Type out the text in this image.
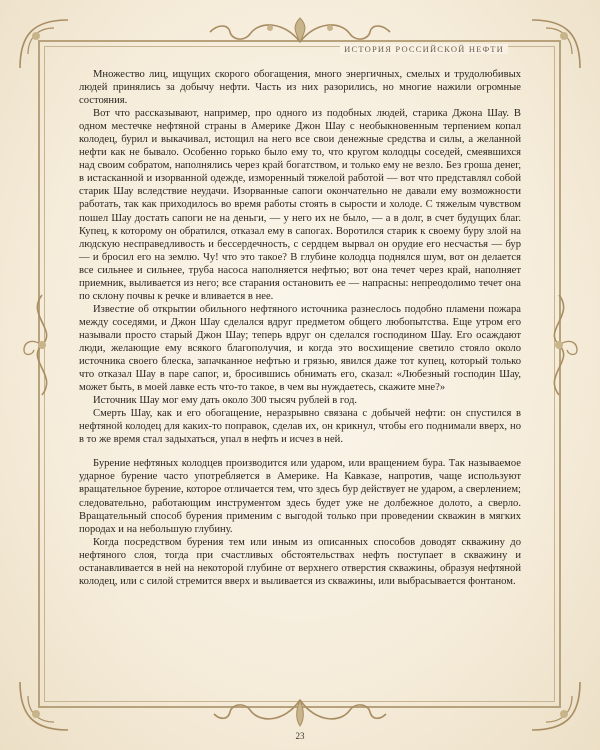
ИСТОРИЯ РОССИЙСКОЙ НЕФТИ

Множество лиц, ищущих скорого обогащения, много энергичных, смелых и трудолюбивых людей принялись за добычу нефти. Часть из них разорились, но многие нажили огромные состояния.

Вот что рассказывают, например, про одного из подобных людей, старика Джона Шау. В одном местечке нефтяной страны в Америке Джон Шау с необыкновенным терпением копал колодец, бурил и выкачивал, истощил на него все свои денежные средства и силы, а желанной нефти как не бывало. Особенно горько было ему то, что кругом колодцы соседей, смеявшихся над своим собратом, наполнялись через край богатством, и только ему не везло. Без гроша денег, в истасканной и изорванной одежде, изморенный тяжелой работой — вот что представлял собой старик Шау вследствие неудачи. Изорванные сапоги окончательно не давали ему возможности работать, так как приходилось во время работы стоять в сырости и холоде. С тяжелым чувством пошел Шау достать сапоги не на деньги, — у него их не было, — а в долг, в счет будущих благ. Купец, к которому он обратился, отказал ему в сапогах. Воротился старик к своему буру злой на людскую несправедливость и бессердечность, с сердцем вырвал он орудие его несчастья — бур — и бросил его на землю. Чу! что это такое? В глубине колодца поднялся шум, вот он делается все сильнее и сильнее, труба насоса наполняется нефтью; вот она течет через край, наполняет приемник, выливается из него; все старания остановить ее — напрасны: непреодолимо течет она по склону почвы к речке и вливается в нее.

Известие об открытии обильного нефтяного источника разнеслось подобно пламени пожара между соседями, и Джон Шау сделался вдруг предметом общего любопытства. Еще утром его называли просто старый Джон Шау; теперь вдруг он сделался господином Шау. Его осаждают люди, желающие ему всякого благополучия, и когда это восхищение светило стояло около источника своего блеска, запачканное нефтью и грязью, явился даже тот купец, который только что отказал Шау в паре сапог, и, бросившись обнимать его, сказал: «Любезный господин Шау, может быть, в моей лавке есть что-то такое, в чем вы нуждаетесь, скажите мне?»

Источник Шау мог ему дать около 300 тысяч рублей в год.

Смерть Шау, как и его обогащение, неразрывно связана с добычей нефти: он спустился в нефтяной колодец для каких-то поправок, сделав их, он крикнул, чтобы его поднимали вверх, но в то же время стал задыхаться, упал в нефть и исчез в ней.

Бурение нефтяных колодцев производится или ударом, или вращением бура. Так называемое ударное бурение часто употребляется в Америке. На Кавказе, напротив, чаще используют вращательное бурение, которое отличается тем, что здесь бур действует не ударом, а сверлением; следовательно, работающим инструментом здесь будет уже не долбежное долото, а сверло. Вращательный способ бурения применим с выгодой только при проведении скважин в мягких породах и на небольшую глубину.

Когда посредством бурения тем или иным из описанных способов доводят скважину до нефтяного слоя, тогда при счастливых обстоятельствах нефть поступает в скважину и останавливается в ней на некоторой глубине от верхнего отверстия скважины, образуя нефтяной колодец, или с силой стремится вверх и выливается из скважины, или выбрасывается фонтаном.

23
